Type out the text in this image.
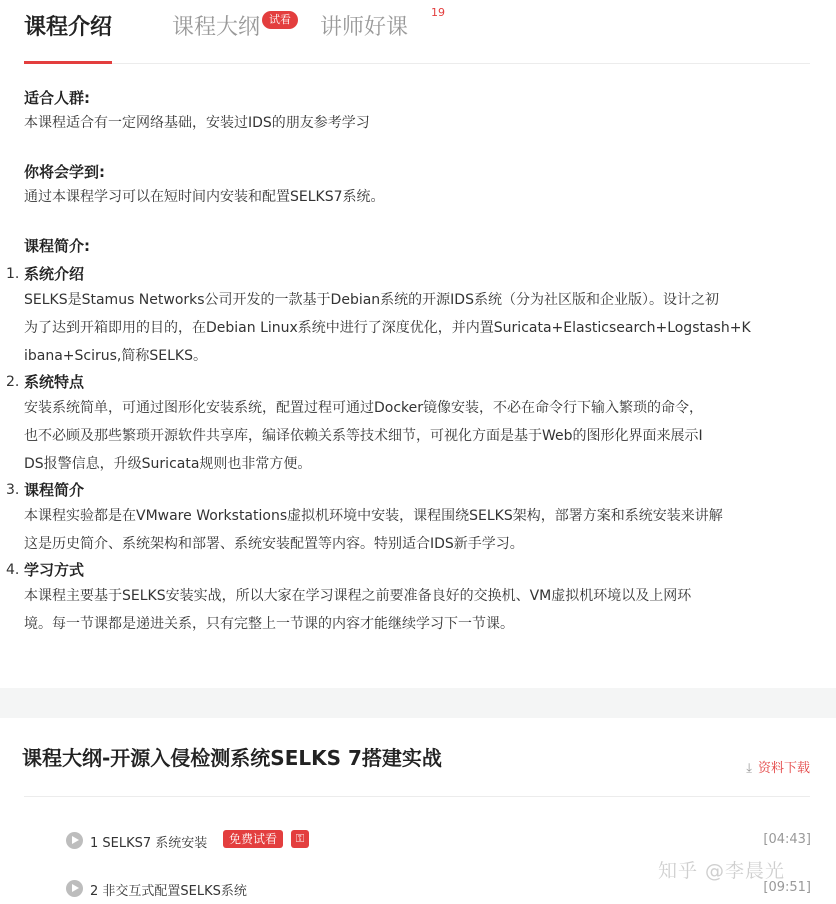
课程介绍	课程大纲 试看	讲师好课
19
适合人群:
本课程适合有一定网络基础，安装过IDS的朋友参考学习
你将会学到:
通过本课程学习可以在短时间内安装和配置SELKS7系统。
课程简介:
1. 系统介绍
SELKS是Stamus Networks公司开发的一款基于Debian系统的开源IDS系统（分为社区版和企业版）。设计之初
为了达到开箱即用的目的，在Debian Linux系统中进行了深度优化，并内置Suricata+Elasticsearch+Logstash+K
ibana+Scirus,简称SELKS。
2. 系统特点
安装系统简单，可通过图形化安装系统，配置过程可通过Docker镜像安装，不必在命令行下输入繁琐的命令，
也不必顾及那些繁琐开源软件共享库，编译依赖关系等技术细节，可视化方面是基于Web的图形化界面来展示I
DS报警信息，升级Suricata规则也非常方便。
3. 课程简介
本课程实验都是在VMware Workstations虚拟机环境中安装，课程围绕SELKS架构，部署方案和系统安装来讲解
这是历史简介、系统架构和部署、系统安装配置等内容。特别适合IDS新手学习。
4. 学习方式
本课程主要基于SELKS安装实战，所以大家在学习课程之前要准备良好的交换机、VM虚拟机环境以及上网环
境。每一节课都是递进关系，只有完整上一节课的内容才能继续学习下一节课。
课程大纲-开源入侵检测系统SELKS 7搭建实战	⤓ 资料下载
1 SELKS7 系统安装	免费试看	⚿	[04:43]
2 非交互式配置SELKS系统	[09:51]
知乎 @李晨光
